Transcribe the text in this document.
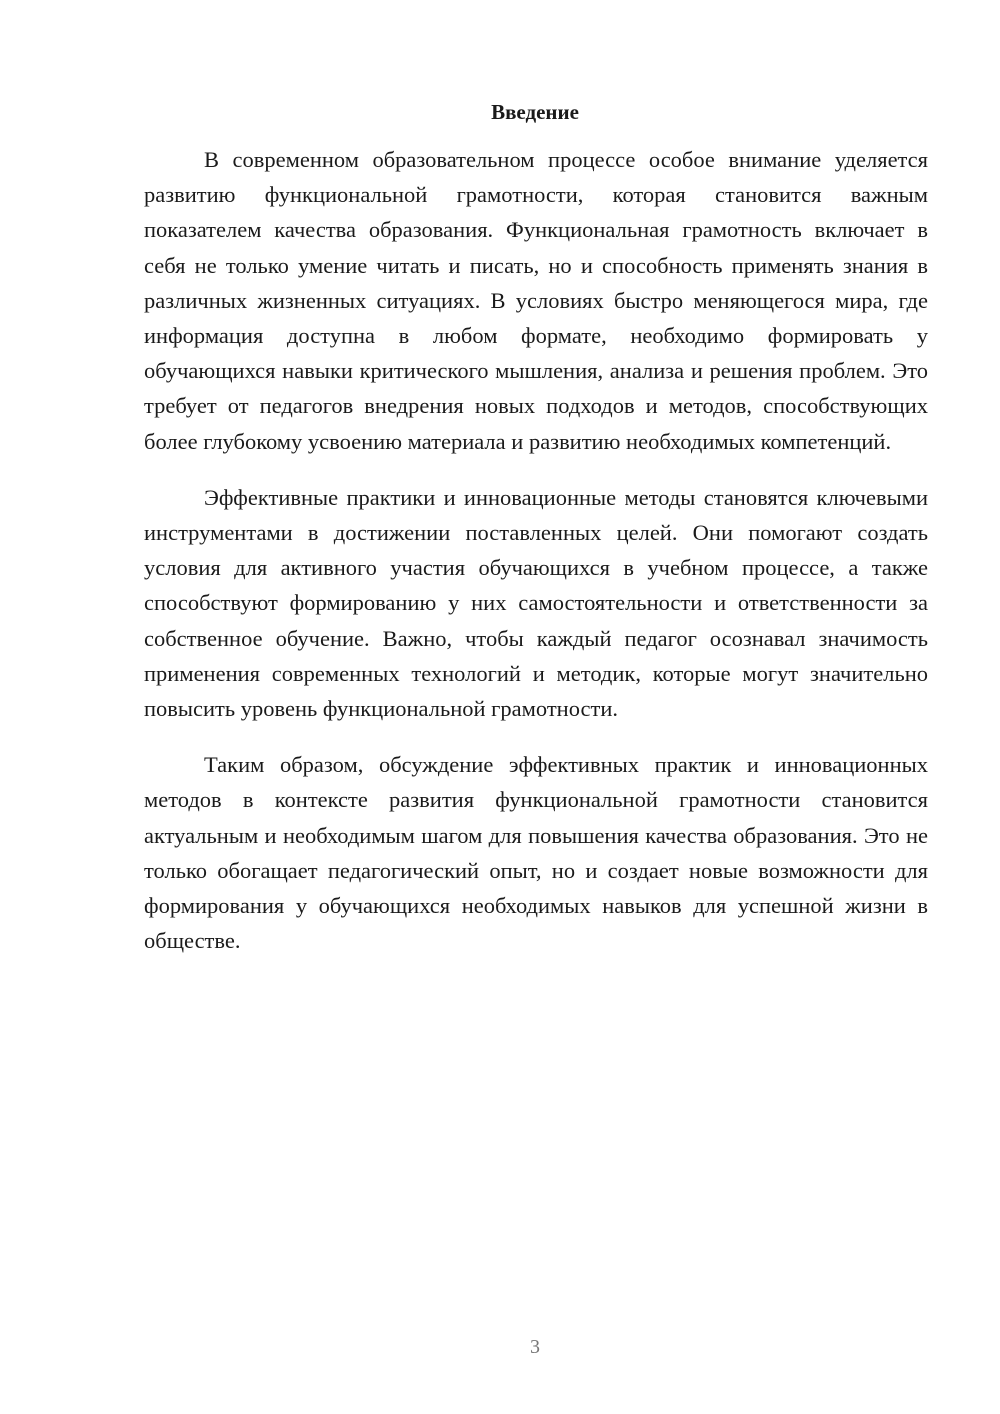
Введение

В современном образовательном процессе особое внимание уделяется развитию функциональной грамотности, которая становится важным показателем качества образования. Функциональная грамотность включает в себя не только умение читать и писать, но и способность применять знания в различных жизненных ситуациях. В условиях быстро меняющегося мира, где информация доступна в любом формате, необходимо формировать у обучающихся навыки критического мышления, анализа и решения проблем. Это требует от педагогов внедрения новых подходов и методов, способствующих более глубокому усвоению материала и развитию необходимых компетенций.

Эффективные практики и инновационные методы становятся ключевыми инструментами в достижении поставленных целей. Они помогают создать условия для активного участия обучающихся в учебном процессе, а также способствуют формированию у них самостоятельности и ответственности за собственное обучение. Важно, чтобы каждый педагог осознавал значимость применения современных технологий и методик, которые могут значительно повысить уровень функциональной грамотности.

Таким образом, обсуждение эффективных практик и инновационных методов в контексте развития функциональной грамотности становится актуальным и необходимым шагом для повышения качества образования. Это не только обогащает педагогический опыт, но и создает новые возможности для формирования у обучающихся необходимых навыков для успешной жизни в обществе.

3
